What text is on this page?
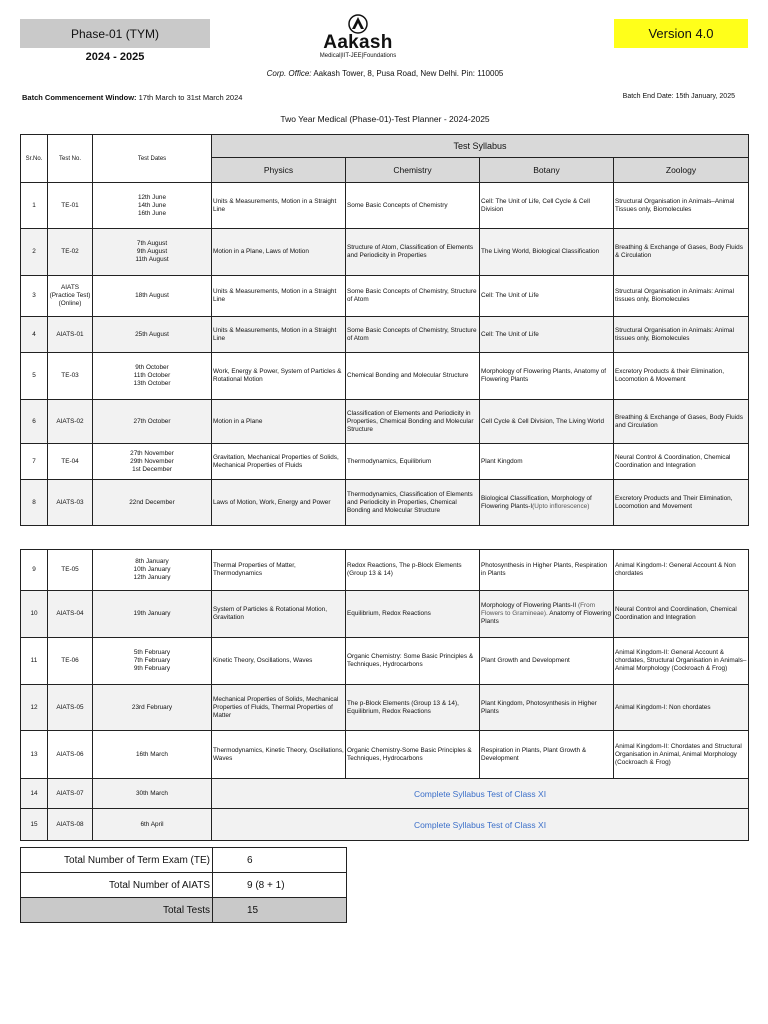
Phase-01 (TYM)
2024 - 2025
Aakash
Medical|IIT-JEE|Foundations
Version 4.0
Corp. Office: Aakash Tower, 8, Pusa Road, New Delhi. Pin: 110005
Batch Commencement Window: 17th March to 31st March 2024	Batch End Date: 15th January, 2025
Two Year Medical (Phase-01)-Test Planner - 2024-2025
Sr.No.	Test No.	Test Dates	Test Syllabus			
			Physics	Chemistry	Botany	Zoology
1	TE-01	12th June
14th June
16th June	Units & Measurements, Motion in a Straight Line	Some Basic Concepts of Chemistry	Cell: The Unit of Life, Cell Cycle & Cell Division	Structural Organisation in Animals–Animal Tissues only, Biomolecules
2	TE-02	7th August
9th August
11th August	Motion in a Plane, Laws of Motion	Structure of Atom, Classification of Elements and Periodicity in Properties	The Living World, Biological Classification	Breathing & Exchange of Gases, Body Fluids & Circulation
3	AIATS
(Practice Test)
(Online)	18th August	Units & Measurements, Motion in a Straight Line	Some Basic Concepts of Chemistry, Structure of Atom	Cell: The Unit of Life	Structural Organisation in Animals: Animal tissues only, Biomolecules
4	AIATS-01	25th August	Units & Measurements, Motion in a Straight Line	Some Basic Concepts of Chemistry, Structure of Atom	Cell: The Unit of Life	Structural Organisation in Animals: Animal tissues only, Biomolecules
5	TE-03	9th October
11th October
13th October	Work, Energy & Power, System of Particles & Rotational Motion	Chemical Bonding and Molecular Structure	Morphology of Flowering Plants, Anatomy of Flowering Plants	Excretory Products & their Elimination, Locomotion & Movement
6	AIATS-02	27th October	Motion in a Plane	Classification of Elements and Periodicity in Properties, Chemical Bonding and Molecular Structure	Cell Cycle & Cell Division, The Living World	Breathing & Exchange of Gases, Body Fluids and Circulation
7	TE-04	27th November
29th November
1st December	Gravitation, Mechanical Properties of Solids, Mechanical Properties of Fluids	Thermodynamics, Equilibrium	Plant Kingdom	Neural Control & Coordination, Chemical Coordination and Integration
8	AIATS-03	22nd December	Laws of Motion, Work, Energy and Power	Thermodynamics, Classification of Elements and Periodicity in Properties, Chemical Bonding and Molecular Structure	Biological Classification, Morphology of Flowering Plants-I(Upto inflorescence)	Excretory Products and Their Elimination, Locomotion and Movement
9	TE-05	8th January
10th January
12th January	Thermal Properties of Matter, Thermodynamics	Redox Reactions, The p-Block Elements (Group 13 & 14)	Photosynthesis in Higher Plants, Respiration in Plants	Animal Kingdom-I: General Account & Non chordates
10	AIATS-04	19th January	System of Particles & Rotational Motion, Gravitation	Equilibrium, Redox Reactions	Morphology of Flowering Plants-II (From Flowers to Gramineae). Anatomy of Flowering Plants	Neural Control and Coordination, Chemical Coordination and Integration
11	TE-06	5th February
7th February
9th February	Kinetic Theory, Oscillations, Waves	Organic Chemistry: Some Basic Principles & Techniques, Hydrocarbons	Plant Growth and Development	Animal Kingdom-II: General Account & chordates, Structural Organisation in Animals– Animal Morphology (Cockroach & Frog)
12	AIATS-05	23rd February	Mechanical Properties of Solids, Mechanical Properties of Fluids, Thermal Properties of Matter	The p-Block Elements (Group 13 & 14), Equilibrium, Redox Reactions	Plant Kingdom, Photosynthesis in Higher Plants	Animal Kingdom-I: Non chordates
13	AIATS-06	16th March	Thermodynamics, Kinetic Theory, Oscillations, Waves	Organic Chemistry-Some Basic Principles & Techniques, Hydrocarbons	Respiration in Plants, Plant Growth & Development	Animal Kingdom-II: Chordates and Structural Organisation in Animal, Animal Morphology (Cockroach & Frog)
14	AIATS-07	30th March	Complete Syllabus Test of Class XI			
15	AIATS-08	6th April	Complete Syllabus Test of Class XI			
Total Number of Term Exam (TE)	6
Total Number of AIATS	9 (8 + 1)
Total Tests	15
